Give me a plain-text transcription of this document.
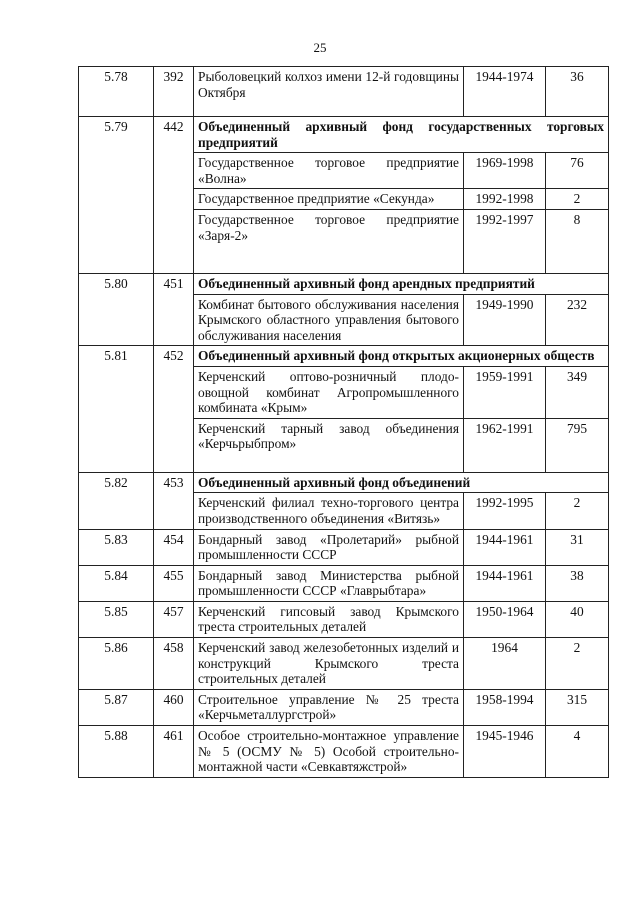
25
5.78	392	Рыболовецкий колхоз имени 12-й годовщины Октября	1944-1974	36
5.79	442	Объединенный архивный фонд государственных торговых предприятий		
		Государственное торговое предприятие «Волна»	1969-1998	76
		Государственное предприятие «Секунда»	1992-1998	2
		Государственное торговое предприятие «Заря-2»	1992-1997	8
5.80	451	Объединенный архивный фонд арендных предприятий		
		Комбинат бытового обслуживания населения Крымского областного управления бытового обслуживания населения	1949-1990	232
5.81	452	Объединенный архивный фонд открытых акционерных обществ		
		Керченский оптово-розничный плодо-овощной комбинат Агропромышленного комбината «Крым»	1959-1991	349
		Керченский тарный завод объединения «Керчьрыбпром»	1962-1991	795
5.82	453	Объединенный архивный фонд объединений		
		Керченский филиал техно-торгового центра производственного объединения «Витязь»	1992-1995	2
5.83	454	Бондарный завод «Пролетарий» рыбной промышленности СССР	1944-1961	31
5.84	455	Бондарный завод Министерства рыбной промышленности СССР «Главрыбтара»	1944-1961	38
5.85	457	Керченский гипсовый завод Крымского треста строительных деталей	1950-1964	40
5.86	458	Керченский завод железобетонных изделий и конструкций Крымского треста строительных деталей	1964	2
5.87	460	Строительное управление № 25 треста «Керчьметаллургстрой»	1958-1994	315
5.88	461	Особое строительно-монтажное управление № 5 (ОСМУ № 5) Особой строительно-монтажной части «Севкавтяжстрой»	1945-1946	4
